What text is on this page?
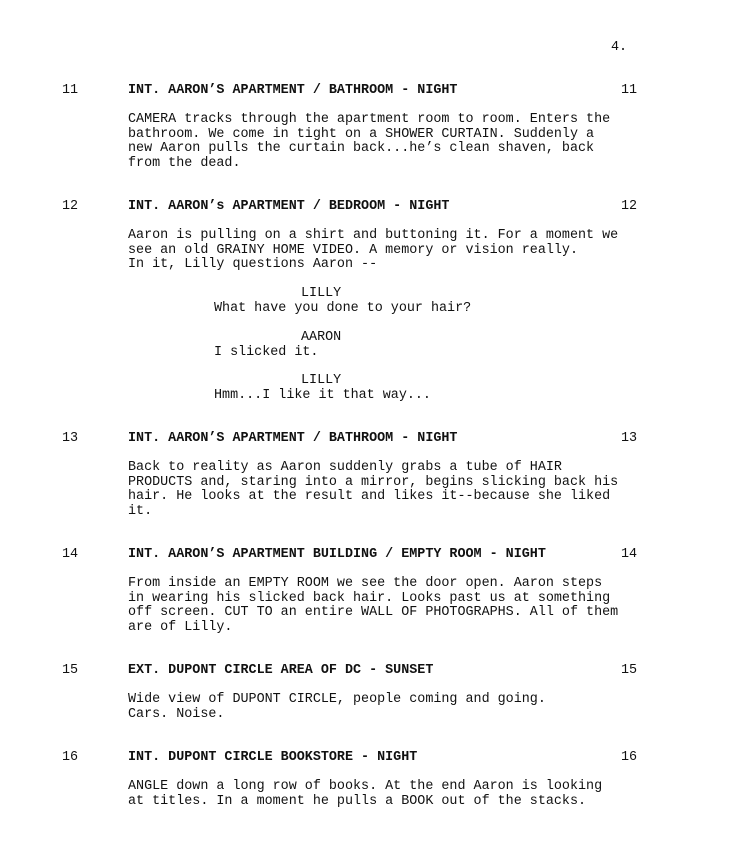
4.
11	INT. AARON’S APARTMENT / BATHROOM - NIGHT	11
CAMERA tracks through the apartment room to room. Enters the
bathroom. We come in tight on a SHOWER CURTAIN. Suddenly a
new Aaron pulls the curtain back...he’s clean shaven, back
from the dead.
12	INT. AARON’s APARTMENT / BEDROOM - NIGHT	12
Aaron is pulling on a shirt and buttoning it. For a moment we
see an old GRAINY HOME VIDEO. A memory or vision really.
In it, Lilly questions Aaron --
LILLY
What have you done to your hair?
AARON
I slicked it.
LILLY
Hmm...I like it that way...
13	INT. AARON’S APARTMENT / BATHROOM - NIGHT	13
Back to reality as Aaron suddenly grabs a tube of HAIR
PRODUCTS and, staring into a mirror, begins slicking back his
hair. He looks at the result and likes it--because she liked
it.
14	INT. AARON’S APARTMENT BUILDING / EMPTY ROOM - NIGHT	14
From inside an EMPTY ROOM we see the door open. Aaron steps
in wearing his slicked back hair. Looks past us at something
off screen. CUT TO an entire WALL OF PHOTOGRAPHS. All of them
are of Lilly.
15	EXT. DUPONT CIRCLE AREA OF DC - SUNSET	15
Wide view of DUPONT CIRCLE, people coming and going.
Cars. Noise.
16	INT. DUPONT CIRCLE BOOKSTORE - NIGHT	16
ANGLE down a long row of books. At the end Aaron is looking
at titles. In a moment he pulls a BOOK out of the stacks.
